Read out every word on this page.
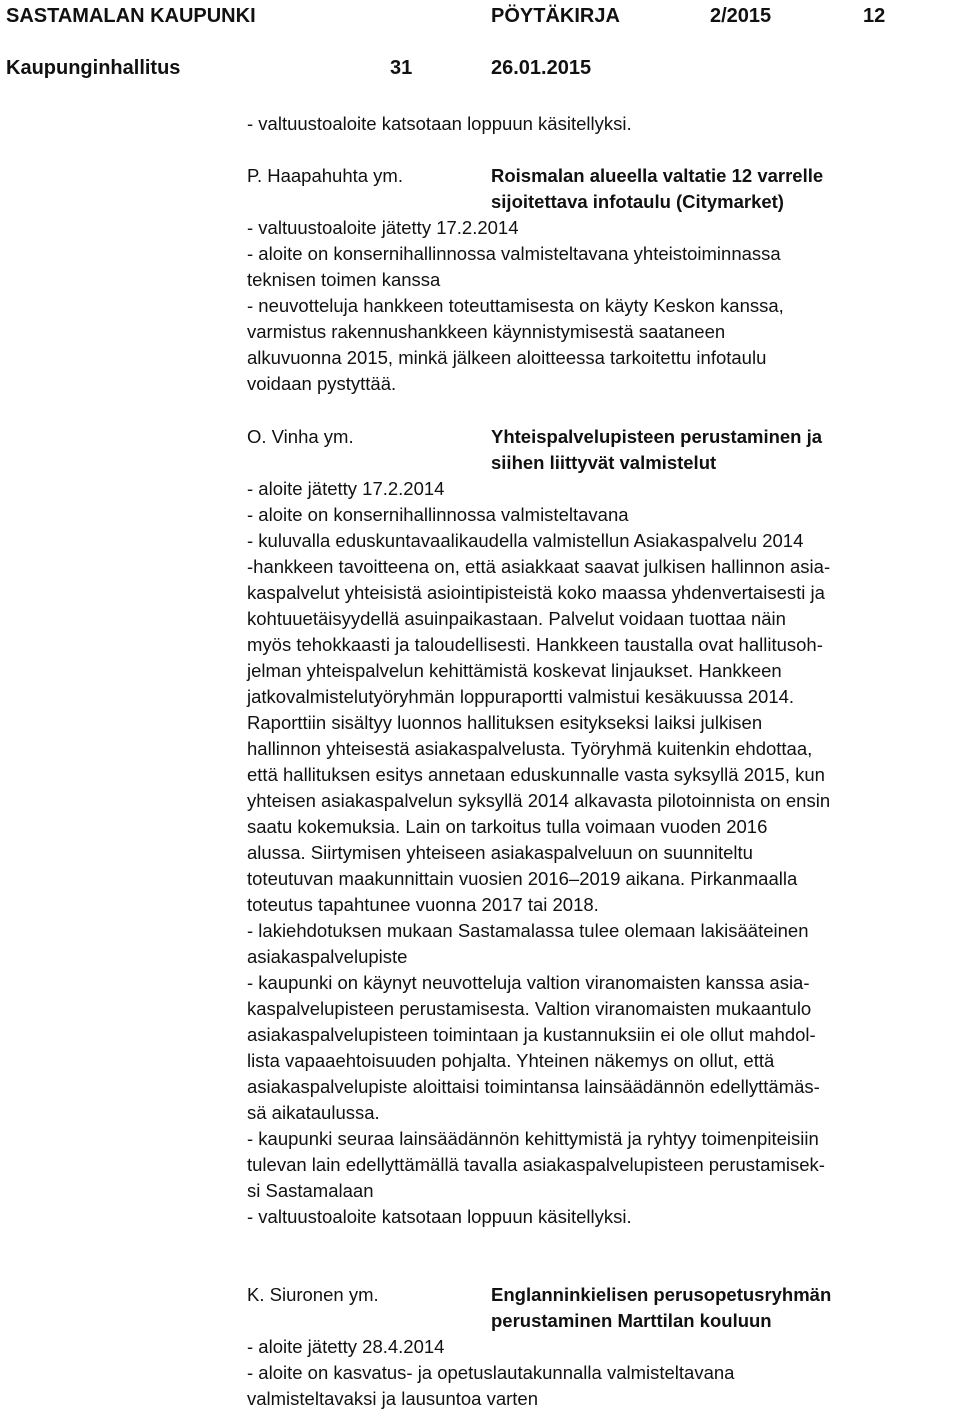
SASTAMALAN KAUPUNKI	PÖYTÄKIRJA	2/2015	12
Kaupunginhallitus	31	26.01.2015
- valtuustoaloite katsotaan loppuun käsitellyksi.
P. Haapahuhta ym.	Roismalan alueella valtatie 12 varrelle
sijoitettava infotaulu (Citymarket)
- valtuustoaloite jätetty 17.2.2014
- aloite on konsernihallinnossa valmisteltavana yhteistoiminnassa
teknisen toimen kanssa
- neuvotteluja hankkeen toteuttamisesta on käyty Keskon kanssa,
varmistus rakennushankkeen käynnistymisestä saataneen
alkuvuonna 2015, minkä jälkeen aloitteessa tarkoitettu infotaulu
voidaan pystyttää.
O. Vinha ym.	Yhteispalvelupisteen perustaminen ja
siihen liittyvät valmistelut
- aloite jätetty 17.2.2014
- aloite on konsernihallinnossa valmisteltavana
- kuluvalla eduskuntavaalikaudella valmistellun Asiakaspalvelu 2014
-hankkeen tavoitteena on, että asiakkaat saavat julkisen hallinnon asia-
kaspalvelut yhteisistä asiointipisteistä koko maassa yhdenvertaisesti ja
kohtuuetäisyydellä asuinpaikastaan. Palvelut voidaan tuottaa näin
myös tehokkaasti ja taloudellisesti. Hankkeen taustalla ovat hallitusoh-
jelman yhteispalvelun kehittämistä koskevat linjaukset. Hankkeen
jatkovalmistelutyöryhmän loppuraportti valmistui kesäkuussa 2014.
Raporttiin sisältyy luonnos hallituksen esitykseksi laiksi julkisen
hallinnon yhteisestä asiakaspalvelusta. Työryhmä kuitenkin ehdottaa,
että hallituksen esitys annetaan eduskunnalle vasta syksyllä 2015, kun
yhteisen asiakaspalvelun syksyllä 2014 alkavasta pilotoinnista on ensin
saatu kokemuksia. Lain on tarkoitus tulla voimaan vuoden 2016
alussa. Siirtymisen yhteiseen asiakaspalveluun on suunniteltu
toteutuvan maakunnittain vuosien 2016–2019 aikana. Pirkanmaalla
toteutus tapahtunee vuonna 2017 tai 2018.
- lakiehdotuksen mukaan Sastamalassa tulee olemaan lakisääteinen
asiakaspalvelupiste
- kaupunki on käynyt neuvotteluja valtion viranomaisten kanssa asia-
kaspalvelupisteen perustamisesta. Valtion viranomaisten mukaantulo
asiakaspalvelupisteen toimintaan ja kustannuksiin ei ole ollut mahdol-
lista vapaaehtoisuuden pohjalta. Yhteinen näkemys on ollut, että
asiakaspalvelupiste aloittaisi toimintansa lainsäädännön edellyttämäs-
sä aikataulussa.
- kaupunki seuraa lainsäädännön kehittymistä ja ryhtyy toimenpiteisiin
tulevan lain edellyttämällä tavalla asiakaspalvelupisteen perustamisek-
si Sastamalaan
- valtuustoaloite katsotaan loppuun käsitellyksi.
K. Siuronen ym.	Englanninkielisen perusopetusryhmän
perustaminen Marttilan kouluun
- aloite jätetty 28.4.2014
- aloite on kasvatus- ja opetuslautakunnalla valmisteltavana
valmisteltavaksi ja lausuntoa varten
